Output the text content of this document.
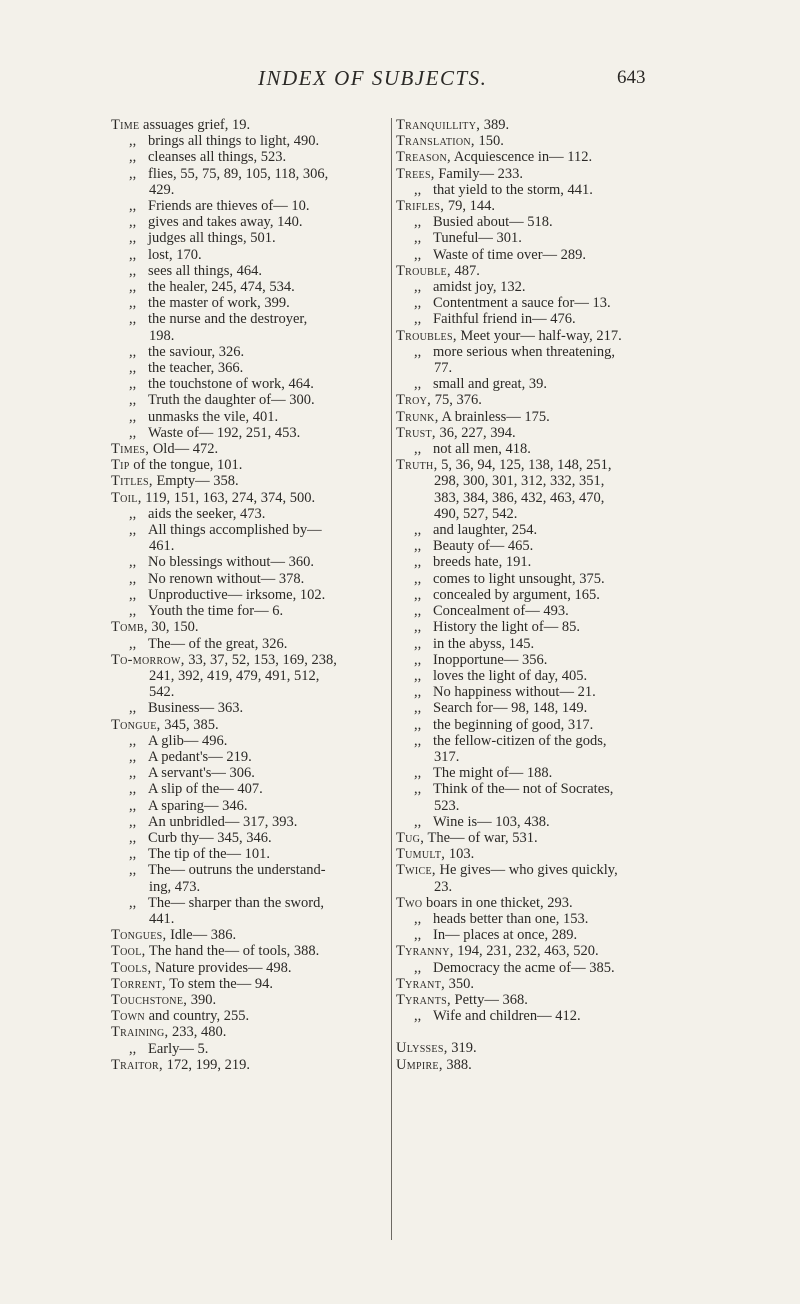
INDEX OF SUBJECTS.	643
Time assuages grief, 19.
,, brings all things to light, 490.
,, cleanses all things, 523.
,, flies, 55, 75, 89, 105, 118, 306,
429.
,, Friends are thieves of— 10.
,, gives and takes away, 140.
,, judges all things, 501.
,, lost, 170.
,, sees all things, 464.
,, the healer, 245, 474, 534.
,, the master of work, 399.
,, the nurse and the destroyer,
198.
,, the saviour, 326.
,, the teacher, 366.
,, the touchstone of work, 464.
,, Truth the daughter of— 300.
,, unmasks the vile, 401.
,, Waste of— 192, 251, 453.
Times, Old— 472.
Tip of the tongue, 101.
Titles, Empty— 358.
Toil, 119, 151, 163, 274, 374, 500.
,, aids the seeker, 473.
,, All things accomplished by—
461.
,, No blessings without— 360.
,, No renown without— 378.
,, Unproductive— irksome, 102.
,, Youth the time for— 6.
Tomb, 30, 150.
,, The— of the great, 326.
To-morrow, 33, 37, 52, 153, 169, 238,
241, 392, 419, 479, 491, 512,
542.
,, Business— 363.
Tongue, 345, 385.
,, A glib— 496.
,, A pedant's— 219.
,, A servant's— 306.
,, A slip of the— 407.
,, A sparing— 346.
,, An unbridled— 317, 393.
,, Curb thy— 345, 346.
,, The tip of the— 101.
,, The— outruns the understand-
ing, 473.
,, The— sharper than the sword,
441.
Tongues, Idle— 386.
Tool, The hand the— of tools, 388.
Tools, Nature provides— 498.
Torrent, To stem the— 94.
Touchstone, 390.
Town and country, 255.
Training, 233, 480.
,, Early— 5.
Traitor, 172, 199, 219.
Tranquillity, 389.
Translation, 150.
Treason, Acquiescence in— 112.
Trees, Family— 233.
,, that yield to the storm, 441.
Trifles, 79, 144.
,, Busied about— 518.
,, Tuneful— 301.
,, Waste of time over— 289.
Trouble, 487.
,, amidst joy, 132.
,, Contentment a sauce for— 13.
,, Faithful friend in— 476.
Troubles, Meet your— half-way, 217.
,, more serious when threatening,
77.
,, small and great, 39.
Troy, 75, 376.
Trunk, A brainless— 175.
Trust, 36, 227, 394.
,, not all men, 418.
Truth, 5, 36, 94, 125, 138, 148, 251,
298, 300, 301, 312, 332, 351,
383, 384, 386, 432, 463, 470,
490, 527, 542.
,, and laughter, 254.
,, Beauty of— 465.
,, breeds hate, 191.
,, comes to light unsought, 375.
,, concealed by argument, 165.
,, Concealment of— 493.
,, History the light of— 85.
,, in the abyss, 145.
,, Inopportune— 356.
,, loves the light of day, 405.
,, No happiness without— 21.
,, Search for— 98, 148, 149.
,, the beginning of good, 317.
,, the fellow-citizen of the gods,
317.
,, The might of— 188.
,, Think of the— not of Socrates,
523.
,, Wine is— 103, 438.
Tug, The— of war, 531.
Tumult, 103.
Twice, He gives— who gives quickly,
23.
Two boars in one thicket, 293.
,, heads better than one, 153.
,, In— places at once, 289.
Tyranny, 194, 231, 232, 463, 520.
,, Democracy the acme of— 385.
Tyrant, 350.
Tyrants, Petty— 368.
,, Wife and children— 412.
Ulysses, 319.
Umpire, 388.
